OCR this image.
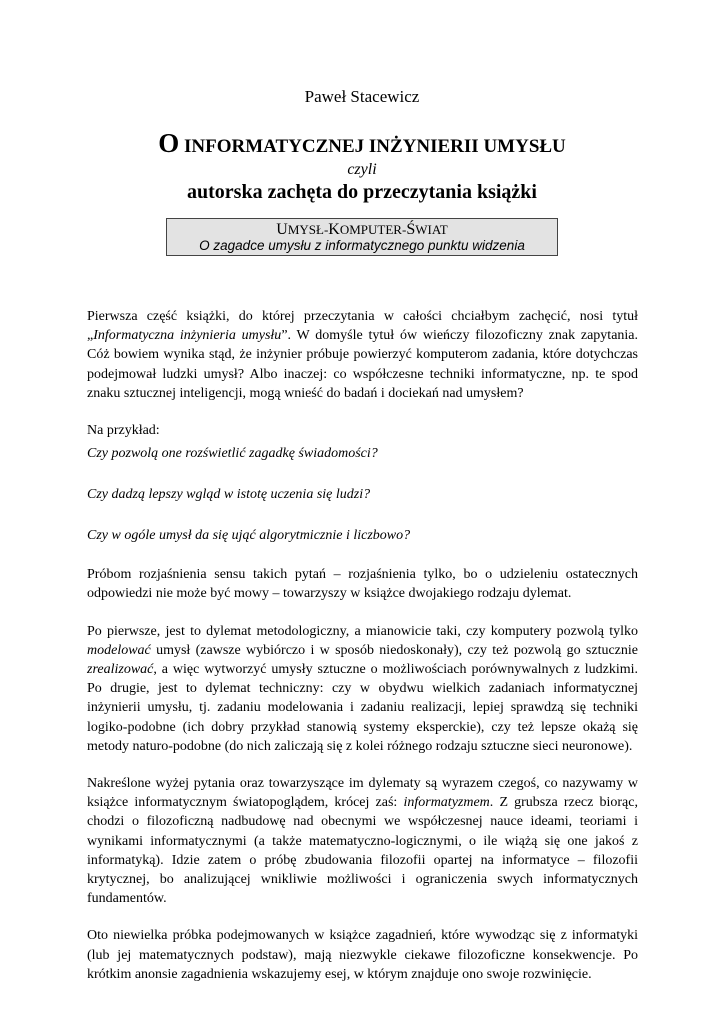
Paweł Stacewicz
O INFORMATYCZNEJ INŻYNIERII UMYSŁU
czyli
autorska zachęta do przeczytania książki
UMYSŁ-KOMPUTER-ŚWIAT
O zagadce umysłu z informatycznego punktu widzenia

Pierwsza część książki, do której przeczytania w całości chciałbym zachęcić, nosi tytuł „Informatyczna inżynieria umysłu”. W domyśle tytuł ów wieńczy filozoficzny znak zapytania. Cóż bowiem wynika stąd, że inżynier próbuje powierzyć komputerom zadania, które dotychczas podejmował ludzki umysł? Albo inaczej: co współczesne techniki informatyczne, np. te spod znaku sztucznej inteligencji, mogą wnieść do badań i dociekań nad umysłem?

Na przykład:

Czy pozwolą one rozświetlić zagadkę świadomości?

Czy dadzą lepszy wgląd w istotę uczenia się ludzi?

Czy w ogóle umysł da się ująć algorytmicznie i liczbowo?

Próbom rozjaśnienia sensu takich pytań – rozjaśnienia tylko, bo o udzieleniu ostatecznych odpowiedzi nie może być mowy – towarzyszy w książce dwojakiego rodzaju dylemat.

Po pierwsze, jest to dylemat metodologiczny, a mianowicie taki, czy komputery pozwolą tylko modelować umysł (zawsze wybiórczo i w sposób niedoskonały), czy też pozwolą go sztucznie zrealizować, a więc wytworzyć umysły sztuczne o możliwościach porównywalnych z ludzkimi. Po drugie, jest to dylemat techniczny: czy w obydwu wielkich zadaniach informatycznej inżynierii umysłu, tj. zadaniu modelowania i zadaniu realizacji, lepiej sprawdzą się techniki logiko-podobne (ich dobry przykład stanowią systemy eksperckie), czy też lepsze okażą się metody naturo-podobne (do nich zaliczają się z kolei różnego rodzaju sztuczne sieci neuronowe).

Nakreślone wyżej pytania oraz towarzyszące im dylematy są wyrazem czegoś, co nazywamy w książce informatycznym światopoglądem, krócej zaś: informatyzmem. Z grubsza rzecz biorąc, chodzi o filozoficzną nadbudowę nad obecnymi we współczesnej nauce ideami, teoriami i wynikami informatycznymi (a także matematyczno-logicznymi, o ile wiążą się one jakoś z informatyką). Idzie zatem o próbę zbudowania filozofii opartej na informatyce – filozofii krytycznej, bo analizującej wnikliwie możliwości i ograniczenia swych informatycznych fundamentów.

Oto niewielka próbka podejmowanych w książce zagadnień, które wywodząc się z informatyki (lub jej matematycznych podstaw), mają niezwykle ciekawe filozoficzne konsekwencje. Po krótkim anonsie zagadnienia wskazujemy esej, w którym znajduje ono swoje rozwinięcie.
